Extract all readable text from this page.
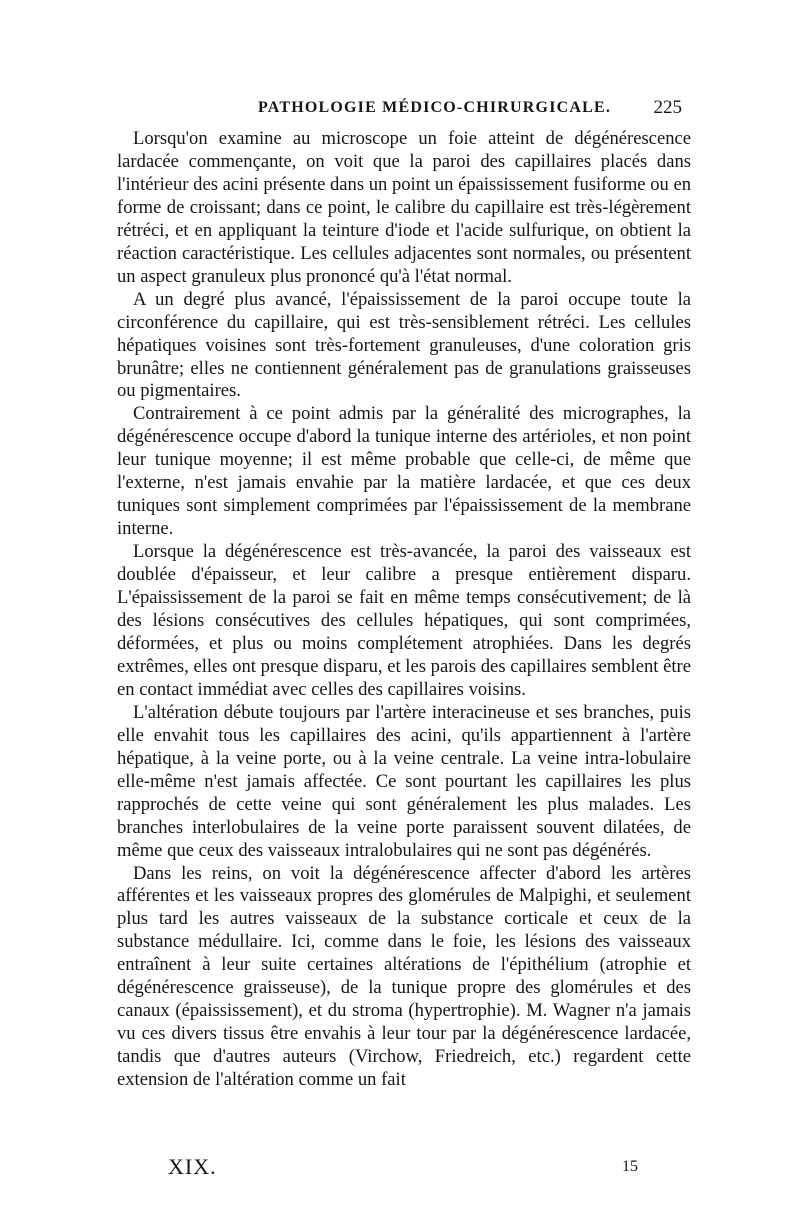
PATHOLOGIE MÉDICO-CHIRURGICALE. 225

Lorsqu'on examine au microscope un foie atteint de dégénérescence lardacée commençante, on voit que la paroi des capillaires placés dans l'intérieur des acini présente dans un point un épaississement fusiforme ou en forme de croissant; dans ce point, le calibre du capillaire est très-légèrement rétréci, et en appliquant la teinture d'iode et l'acide sulfurique, on obtient la réaction caractéristique. Les cellules adjacentes sont normales, ou présentent un aspect granuleux plus prononcé qu'à l'état normal.

A un degré plus avancé, l'épaississement de la paroi occupe toute la circonférence du capillaire, qui est très-sensiblement rétréci. Les cellules hépatiques voisines sont très-fortement granuleuses, d'une coloration gris brunâtre; elles ne contiennent généralement pas de granulations graisseuses ou pigmentaires.

Contrairement à ce point admis par la généralité des micrographes, la dégénérescence occupe d'abord la tunique interne des artérioles, et non point leur tunique moyenne; il est même probable que celle-ci, de même que l'externe, n'est jamais envahie par la matière lardacée, et que ces deux tuniques sont simplement comprimées par l'épaississement de la membrane interne.

Lorsque la dégénérescence est très-avancée, la paroi des vaisseaux est doublée d'épaisseur, et leur calibre a presque entièrement disparu. L'épaississement de la paroi se fait en même temps consécutivement; de là des lésions consécutives des cellules hépatiques, qui sont comprimées, déformées, et plus ou moins complétement atrophiées. Dans les degrés extrêmes, elles ont presque disparu, et les parois des capillaires semblent être en contact immédiat avec celles des capillaires voisins.

L'altération débute toujours par l'artère interacineuse et ses branches, puis elle envahit tous les capillaires des acini, qu'ils appartiennent à l'artère hépatique, à la veine porte, ou à la veine centrale. La veine intra-lobulaire elle-même n'est jamais affectée. Ce sont pourtant les capillaires les plus rapprochés de cette veine qui sont généralement les plus malades. Les branches interlobulaires de la veine porte paraissent souvent dilatées, de même que ceux des vaisseaux intralobulaires qui ne sont pas dégénérés.

Dans les reins, on voit la dégénérescence affecter d'abord les artères afférentes et les vaisseaux propres des glomérules de Malpighi, et seulement plus tard les autres vaisseaux de la substance corticale et ceux de la substance médullaire. Ici, comme dans le foie, les lésions des vaisseaux entraînent à leur suite certaines altérations de l'épithélium (atrophie et dégénérescence graisseuse), de la tunique propre des glomérules et des canaux (épaississement), et du stroma (hypertrophie). M. Wagner n'a jamais vu ces divers tissus être envahis à leur tour par la dégénérescence lardacée, tandis que d'autres auteurs (Virchow, Friedreich, etc.) regardent cette extension de l'altération comme un fait

XIX.	15
